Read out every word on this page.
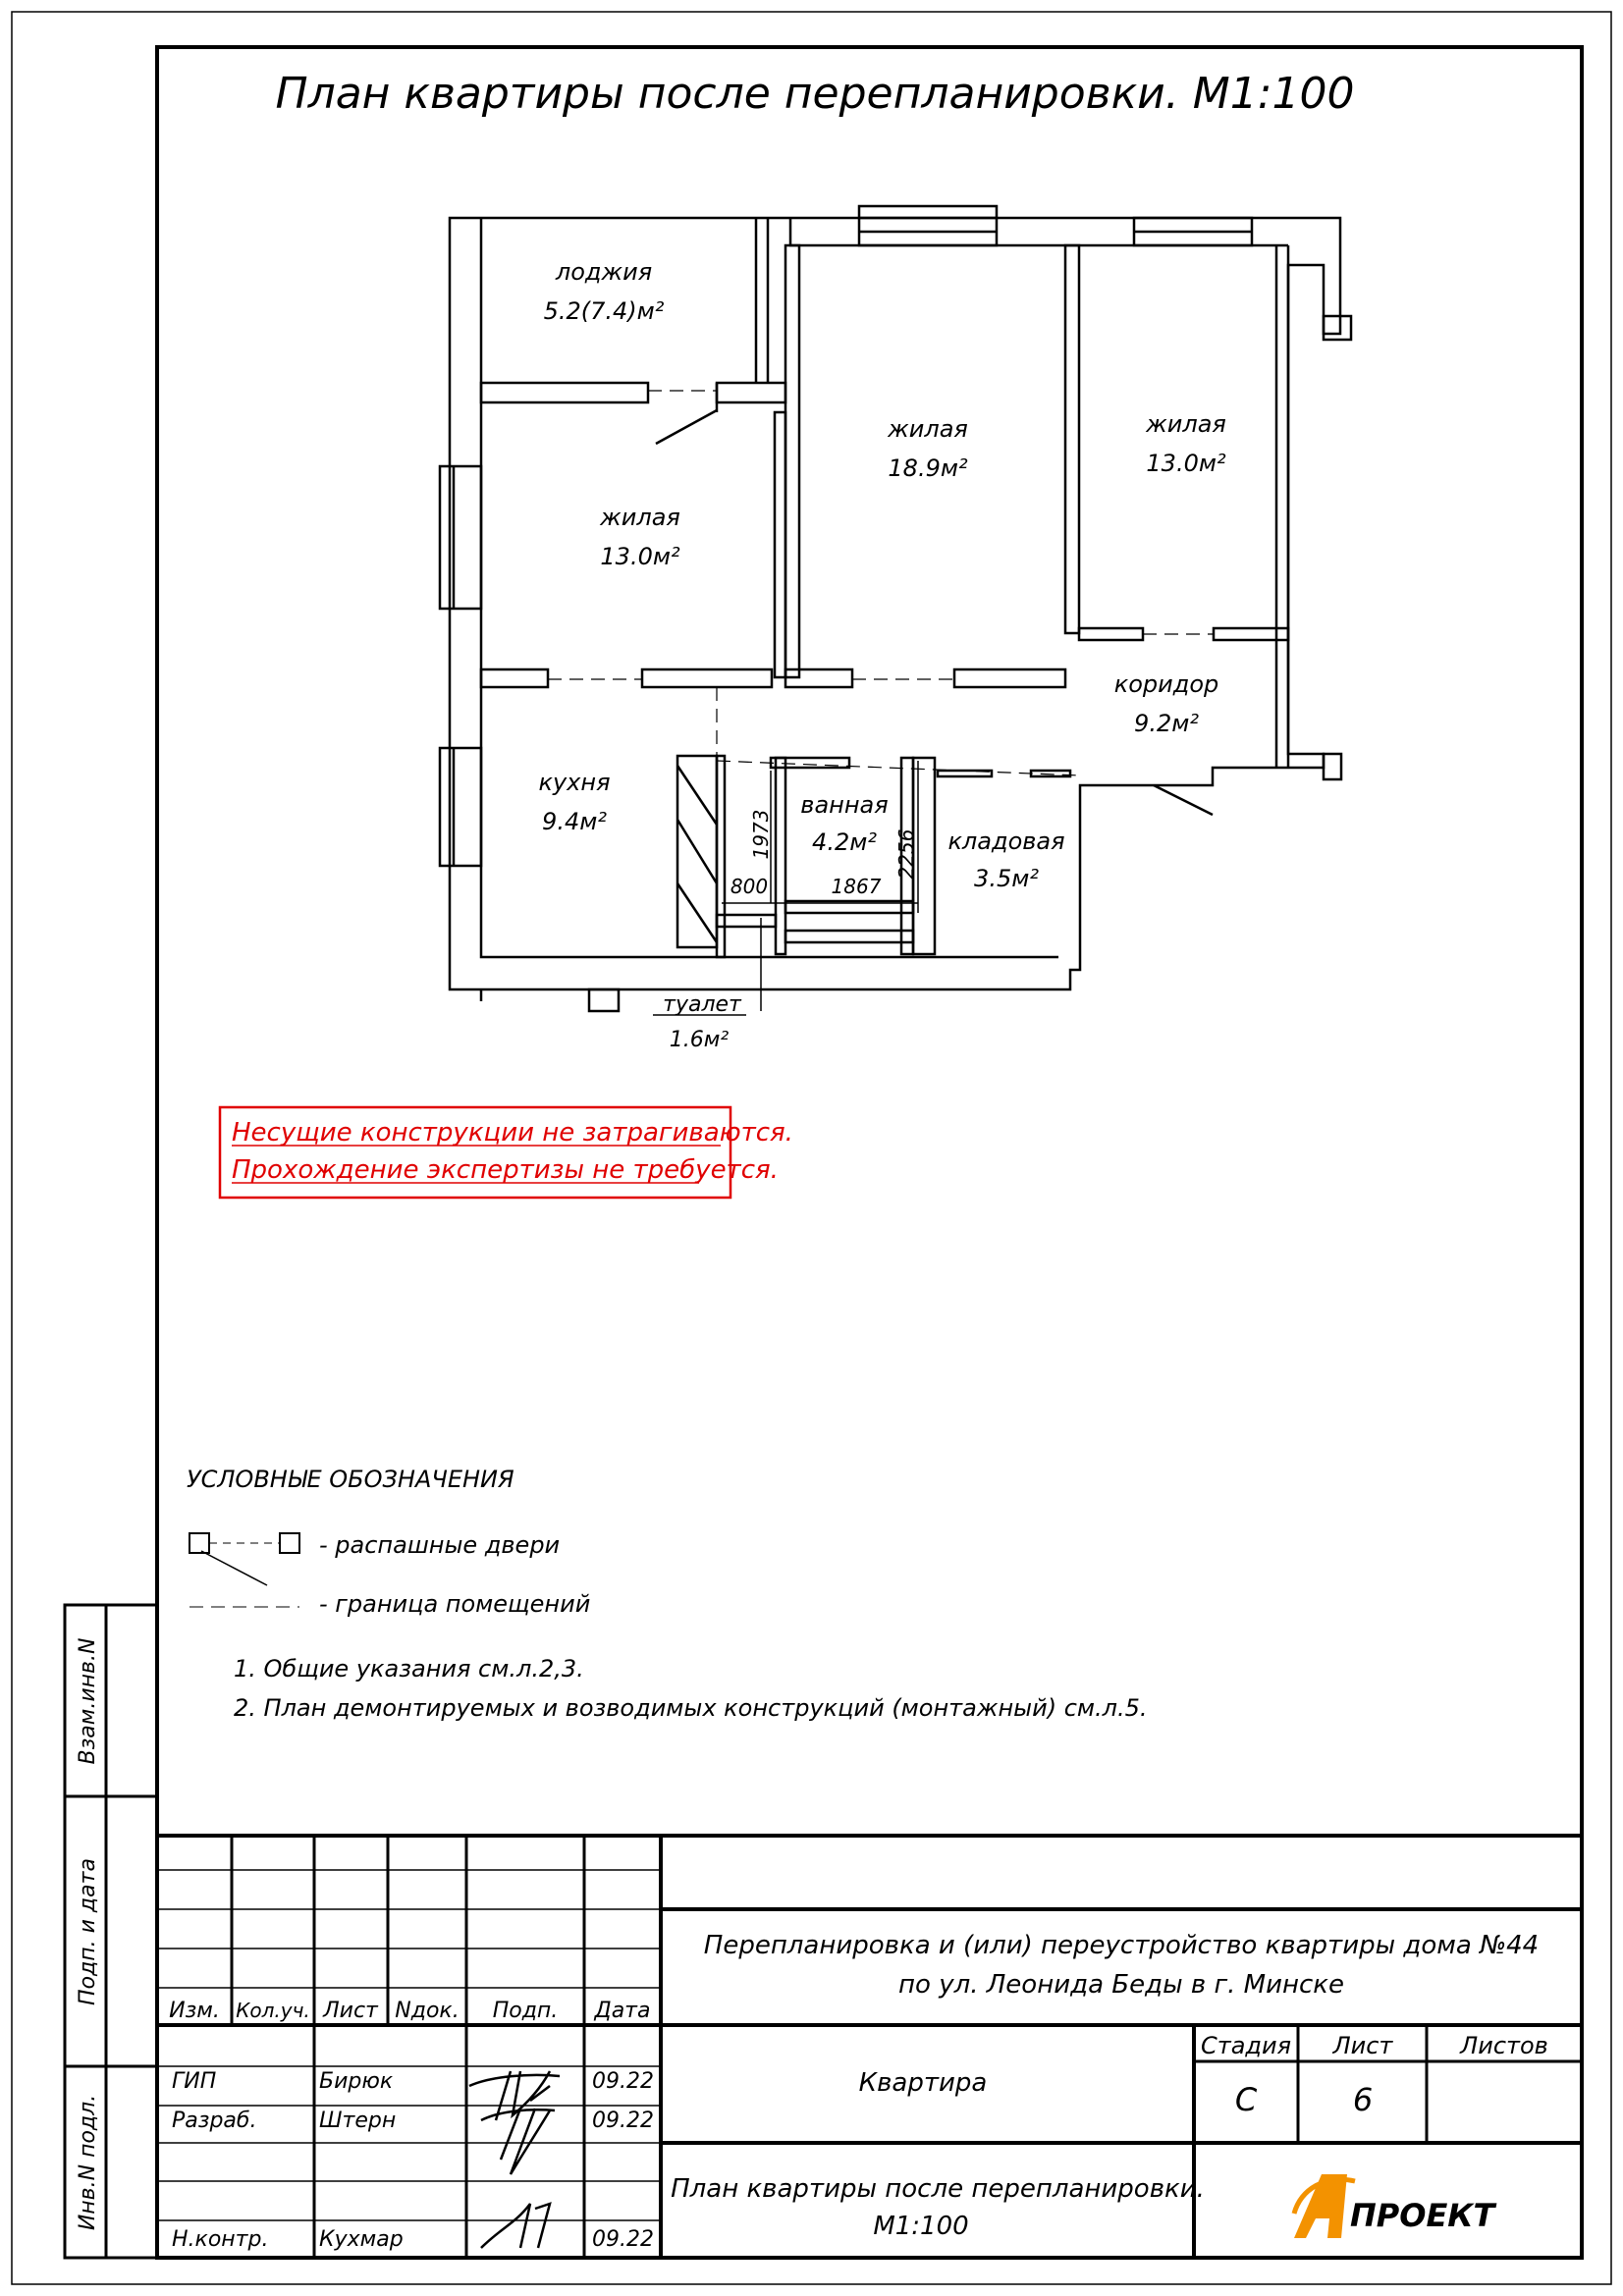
План квартиры после перепланировки. М1:100
лоджия
5.2(7.4)м²
жилая
13.0м²
жилая
18.9м²
жилая
13.0м²
коридор
9.2м²
кухня
9.4м²
ванная
4.2м²	кладовая
3.5м²
туалет
1.6м²
1973	2256
800	1867
Несущие конструкции не затрагиваются.
Прохождение экспертизы не требуется.
УСЛОВНЫЕ ОБОЗНАЧЕНИЯ
- распашные двери
- граница помещений
1. Общие указания см.л.2,3.
2. План демонтируемых и возводимых конструкций (монтажный) см.л.5.
Взам.инв.N
Подп. и дата
Инв.N подл.
Изм. Кол.уч. Лист Nдок. Подп. Дата
ГИП	Бирюк	09.22
Разраб.	Штерн	09.22
Н.контр. Кухмар	09.22
Перепланировка и (или) переустройство квартиры дома №44
по ул. Леонида Беды в г. Минске
Квартира
План квартиры после перепланировки.
М1:100
Стадия Лист	Листов
С	6
ПРОЕКТ
